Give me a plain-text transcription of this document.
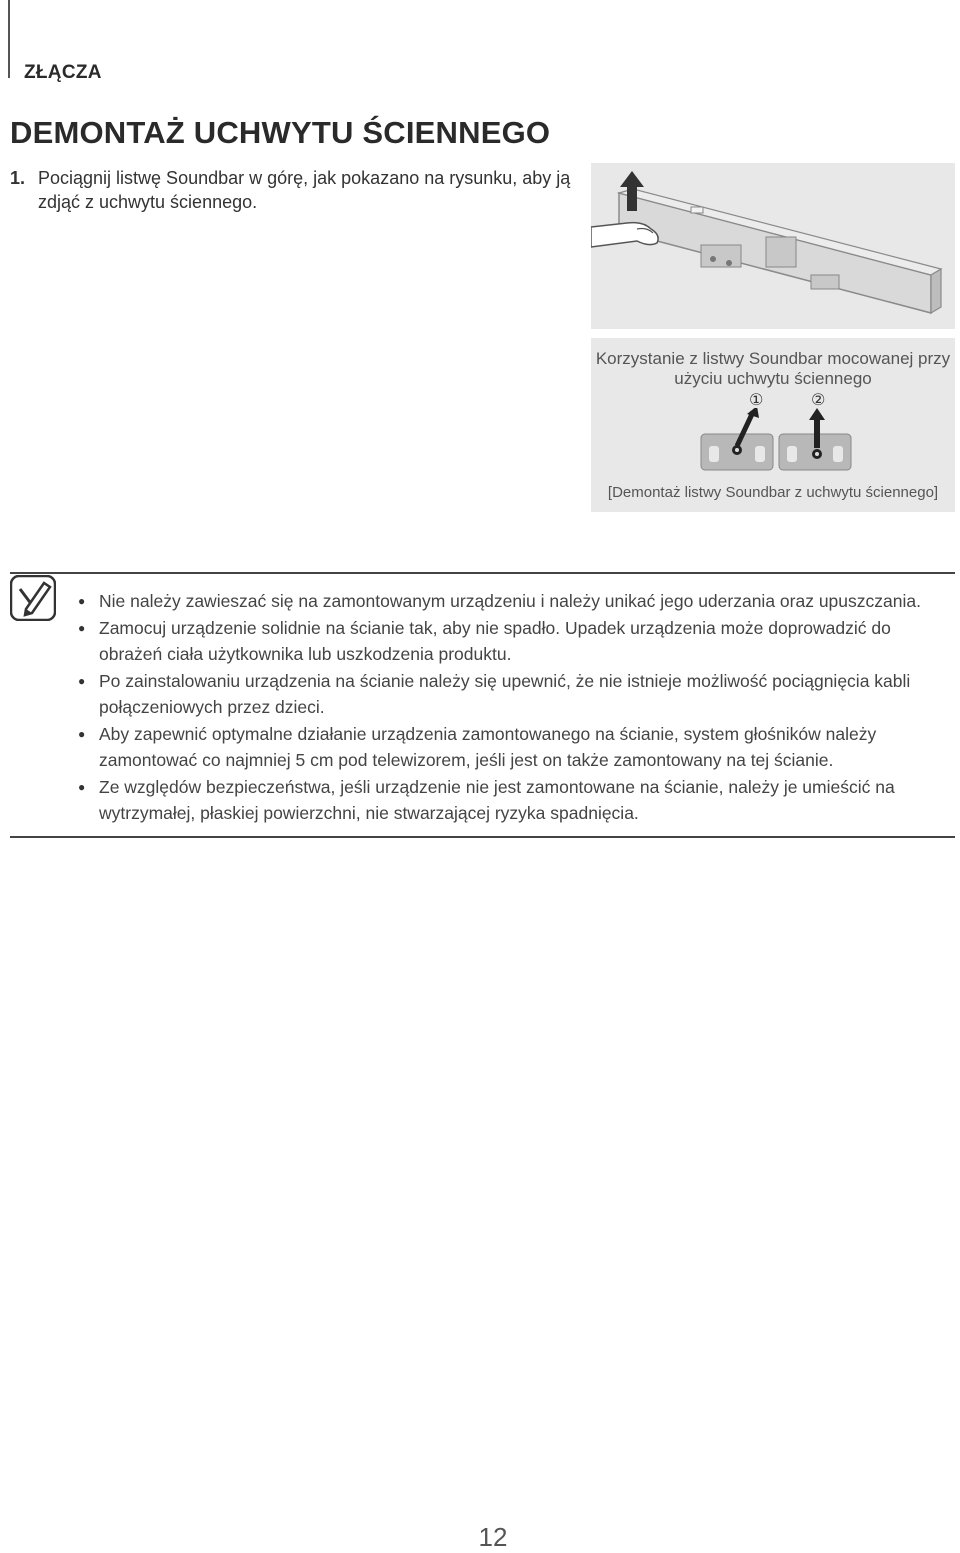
ZŁĄCZA
DEMONTAŻ UCHWYTU ŚCIENNEGO
1. Pociągnij listwę Soundbar w górę, jak pokazano na rysunku, aby ją zdjąć z uchwytu ściennego.
Korzystanie z listwy Soundbar mocowanej przy użyciu uchwytu ściennego
①	②
[Demontaż listwy Soundbar z uchwytu ściennego]
● Nie należy zawieszać się na zamontowanym urządzeniu i należy unikać jego uderzania oraz upuszczania.
● Zamocuj urządzenie solidnie na ścianie tak, aby nie spadło. Upadek urządzenia może doprowadzić do obrażeń ciała użytkownika lub uszkodzenia produktu.
● Po zainstalowaniu urządzenia na ścianie należy się upewnić, że nie istnieje możliwość pociągnięcia kabli połączeniowych przez dzieci.
● Aby zapewnić optymalne działanie urządzenia zamontowanego na ścianie, system głośników należy zamontować co najmniej 5 cm pod telewizorem, jeśli jest on także zamontowany na tej ścianie.
● Ze względów bezpieczeństwa, jeśli urządzenie nie jest zamontowane na ścianie, należy je umieścić na wytrzymałej, płaskiej powierzchni, nie stwarzającej ryzyka spadnięcia.
12
